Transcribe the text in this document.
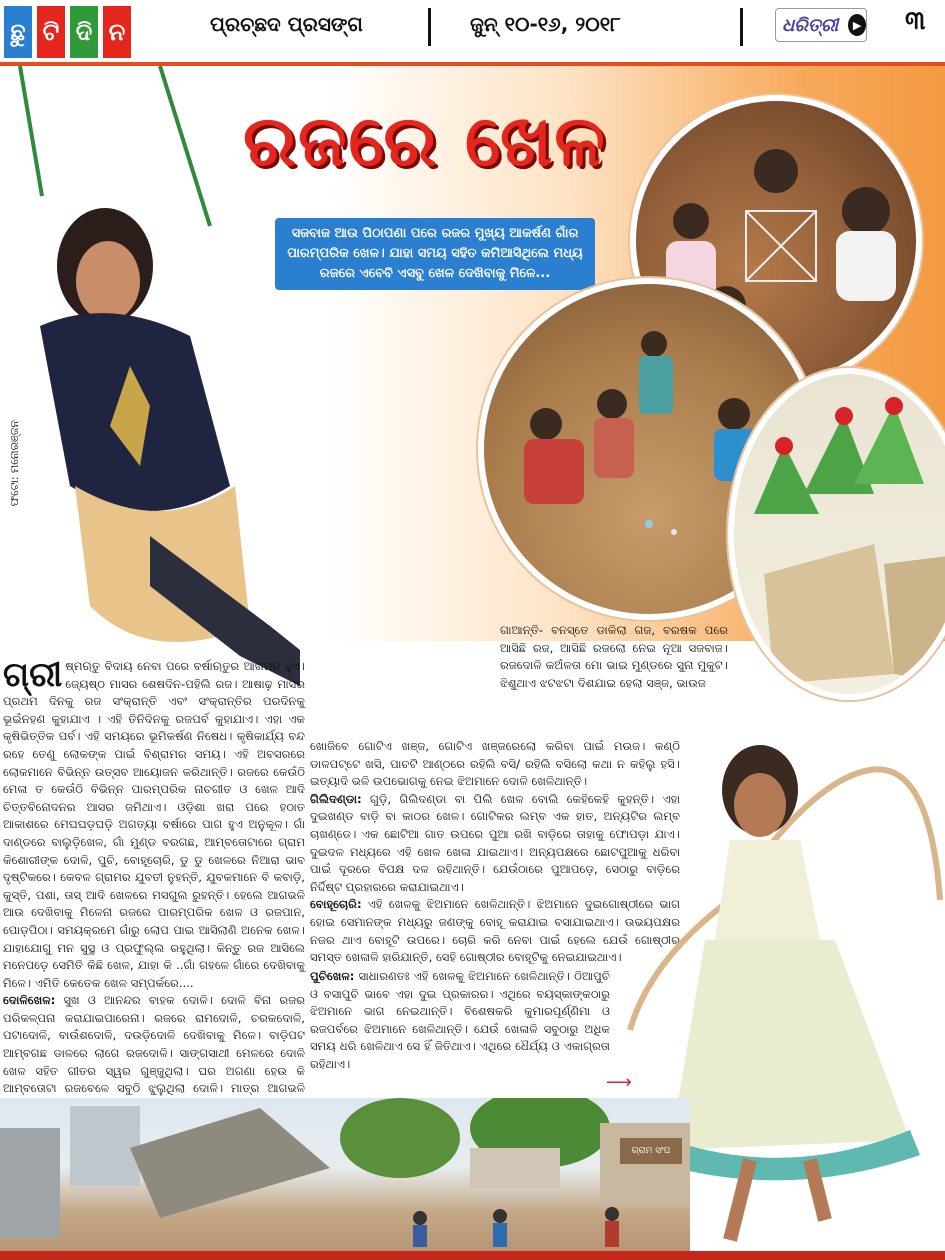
ଛୁ ଟି ଦି ନ	ପ୍ରଚ୍ଛଦ ପ୍ରସଙ୍ଗ	ଜୁନ୍ ୧୦-୧୬, ୨୦୧୮	ଧରିତ୍ରୀ	▶ ୩
ରଜରେ ଖେଳ
ସଜବାଜ ଆଉ ପିଠାପଣା ପରେ ରଜର ମୁଖ୍ୟ ଆକର୍ଷଣ ଗାଁର ପାରମ୍ପରିକ ଖେଳ। ଯାହା ସମୟ ସହିତ କମିଆସିଥିଲେ ମଧ୍ୟ ରଜରେ ଏବେବି ଏସବୁ ଖେଳ ଦେଖିବାକୁ ମିଳେ...
ଫଟୋ: ମନୋରଞ୍ଜନ

ଗ୍ରୀ ଷ୍ମଋତୁ ବିଦାୟ ନେବା ପରେ ବର୍ଷାଋତୁର ଆଗମନ ହୁଏ। ଜ୍ୟେଷ୍ଠ ମାସର ଶେଷଦିନ-ପହିଲି ରଜ। ଆଷାଢ଼ ମାସର ପ୍ରଥମ ଦିନକୁ ରଜ ସଂକ୍ରାନ୍ତି ଏବଂ ସଂକ୍ରାନ୍ତିର ପରଦିନକୁ ଭୂଇଁନହଣ କୁହାଯାଏ । ଏହି ତିନିଦିନକୁ ରଜପର୍ବ କୁହାଯାଏ। ଏହା ଏକ କୃଷିଭିତ୍ତିକ ପର୍ବ। ଏହି ସମୟରେ ଭୂମିକର୍ଷଣ ନିଷେଧ। କୃଷିକାର୍ଯ୍ୟ ବନ୍ଦ ରହେ ତେଣୁ ଲୋକଙ୍କ ପାଇଁ ବିଶ୍ରାମର ସମୟ। ଏହି ଅବସରରେ ଲୋକମାନେ ବିଭିନ୍ନ ଉତ୍ସବ ଆୟୋଜନ କରିଥାନ୍ତି। ରଜରେ କେଉଁଠି ମେଳା ତ କେଉଁଠି ବିଭିନ୍ନ ପାରମ୍ପରିକ ନାଚଗୀତ ଓ ଖେଳ ଆଦି ଚିତ୍ତବିନୋଦନର ଆସର ଜମିଥାଏ। ଓଡ଼ିଶା ଖରା ପରେ ହଠାତ ଆକାଶରେ ମେଘଘଡ଼ଘଡ଼ି ଅଗତ୍ୟା ବର୍ଷାରେ ପାଗ ହୁଏ ଅନୁକୂଳ। ଗାଁ ଦାଣ୍ଡରେ ବାଲୁଡ଼ିଖେଳ, ଗାଁ ମୁଣ୍ଡ ବରଗଛ, ଆମ୍ବତୋଟାରେ ଗ୍ରାମ କିଶୋରୀଙ୍କ ଦୋଳି, ପୁଚି, ବୋହୂଚୋରି, ଡୁ ଡୁ ଖେଳରେ ନିଆରା ଭାବ ଦୃଷ୍ଟିକରେ। କେବଳ ଗ୍ରାମର ଯୁବତୀ ନୁହନ୍ତି, ଯୁବକମାନେ ବି କବାଡ଼ି, କୁସ୍ତି, ପଶା, ତାସ୍ ଆଦି ଖେଳରେ ମସଗୁଲ ରୁହନ୍ତି। ହେଲେ ଆଗଭଳି ଆଉ ଦେଖିବାକୁ ମିଳେନା ରଜରେ ପାରମ୍ପରିକ ଖେଳ ଓ ରଜପାନ, ପୋଡ଼ପିଠା। ସମୟକ୍ରମେ ଗାଁରୁ ଲୋପ ପାଇ ଆସିଲାଣି ଅନେକ ଖେଳ। ଯାହାଯୋଗୁ ମନ ସୁସ୍ଥ ଓ ପ୍ରଫୁଲ୍ଲ ରହୁଥିଲା। କିନ୍ତୁ ରଜ ଆସିଲେ ମନେପଡ଼େ ସେମିତି କିଛି ଖେଳ, ଯାହା କି ..ଗାଁ ଗହଳେ ଗାଁରେ ଦେଖିବାକୁ ମିଳେ। ଏମିତି କେତେକ ଖେଳ ସମ୍ପର୍କରେ....

ଦୋଳିଖେଳ: ସୁଖ ଓ ଆନନ୍ଦର ବାହକ ଦୋଳି। ଦୋଳି ବିନା ରଜର ପରିକଳ୍ପନା କରାଯାଇପାରେନା। ରଜରେ ରାମଦୋଳି, ଚରକଦୋଳି, ପଟାଦୋଳି, ବାଉଁଶଦୋଳି, ଦଉଡ଼ିଦୋଳି ଦେଖିବାକୁ ମିଳେ। ବାଡ଼ିପଟ ଆମ୍ବଗଛ ଡାଳରେ ଲାଗେ ରଜଦୋଳି। ସାଙ୍ଗସାଥୀ ମେଳରେ ଦୋଳି ଖେଳ ସହିତ ଗୀତର ସ୍ୱର ଗୁଞ୍ଜୁଥିଲା। ଘର ଅଗଣା ହେଉ କି ଆମ୍ବତୋଟା ରଜବେଳେ ସବୁଠି ଝୁଲୁଥିଲା ଦୋଳି। ମାତ୍ର ଆଗଭଳି

ଗାଆନ୍ତି- ବନସ୍ତେ ଡାକିଲା ଗଜ, ବରଷକ ପରେ ଆସିଛି ରଜ, ଆସିଛି ରଜଲୋ ନେଇ ନୂଆ ସଜବାଜ। ରଜଦୋଳି କଅଁଳତା ମୋ ଭାଇ ମୁଣ୍ଡରେ ସୁନା ମୁକୁଟ। ଝିଶୁଥାଏ ଝଟଝଟା ଦିଶଯାଇ ହେଲା ସଞ୍ଜ, ଭାଉଜ

ଖୋଜିବେ ଗୋଟିଏ ଖଞ୍ଜ, ଗୋଟିଏ ଖଞ୍ଜରେଲୋ କରିବା ପାଇଁ ମଉଜ। କଣ୍ଠି ଡାଳପଟ୍ଟେ ଖସି, ପାଚଟି ଆଣ୍ଠରେ ରହିଲି ବସି/ ରହିଲି ବସିଲୋ କଥା ନ କହିଲୁ ହସି। ଇତ୍ୟାଦି ଭଳି ଉପଭୋଗକୁ ନେଇ ଝିଅମାନେ ଦୋଳି ଖେଳିଥାନ୍ତି।

ଗିଲିଦଣ୍ଡା: ଗୁଡ଼ି, ଗିଲିଦଣ୍ଡା ବା ପିଲି ଖେଳ ବୋଲି କେହିକେହି କୁହନ୍ତି। ଏହା ଦୁଇଖଣ୍ଡ ବାଡ଼ି ବା କାଠର ଖେଳ। ଗୋଟିକର ଲମ୍ବ ଏକ ହାତ, ଅନ୍ୟଟିର ଲମ୍ବ ଚାଖଣ୍ଡେ। ଏକ ଛୋଟିଆ ଗାତ ଉପରେ ପୁଆ ରଖି ବାଡ଼ିରେ ତାହାକୁ ଫୋପଡ଼ା ଯାଏ। ଦୁଇଦଳ ମଧ୍ୟରେ ଏହି ଖେଳ ଖେଳା ଯାଇଥାଏ। ଅନ୍ୟପକ୍ଷରେ ଛୋଟପୁଆକୁ ଧରିବା ପାଇଁ ଦୂରରେ ବିପକ୍ଷ ଦଳ ରହିଥାନ୍ତି। ଯେଉଁଠାରେ ପୁଆପଡ଼େ, ସେଠାରୁ ବାଡ଼ିରେ ନିର୍ଦ୍ଦିଷ୍ଟ ପ୍ରହାରରେ କରାଯାଇଥାଏ।

ବୋହୂଚୋରି: ଏହି ଖେଳକୁ ଝିଅମାନେ ଖେଳିଥାନ୍ତି। ଝିଅମାନେ ଦୁଇଗୋଷ୍ଠୀରେ ଭାଗ ହୋଇ ସେମାନଙ୍କ ମଧ୍ୟରୁ ଜଣଙ୍କୁ ବୋହୂ କରାଯାଇ ବସାଯାଇଥାଏ। ଉଭୟପକ୍ଷର ନଜର ଥାଏ ବୋହୂଟି ଉପରେ। ଚୋରି କରି ନେବା ପାଇଁ ହେଲେ ଯେଉଁ ଗୋଷ୍ଠୀର ସମସ୍ତ ଖେଳାଳି ହାରିଯାନ୍ତି, ସେହି ଗୋଷ୍ଠୀର ବୋହୂଟିକୁ ନେଇଯାଇଥାଏ।

ପୁଚିଖେଳ: ସାଧାରଣତଃ ଏହି ଖେଳକୁ ଝିଅମାନେ ଖେଳିଥାନ୍ତି। ଠିଆପୁଚି ଓ ବସାପୁଚି ଭାବେ ଏହା ଦୁଇ ପ୍ରକାରର। ଏଥିରେ ବୟସ୍କାଙ୍କଠାରୁ ଝିଅମାନେ ଭାଗ ନେଇଥାନ୍ତି। ବିଶେଷକରି କୁମାରପୂର୍ଣ୍ଣିମା ଓ ରଜପର୍ବରେ ଝିଅମାନେ ଖେଳିଥାନ୍ତି। ଯେଉଁ ଖେଳାଳି ସବୁଠାରୁ ଅଧିକ ସମୟ ଧରି ଖେଳିଥାଏ ସେ ହିଁ ଜିତିଥାଏ। ଏଥିରେ ଧୈର୍ଯ୍ୟ ଓ ଏକାଗ୍ରତା ରହିଥାଏ।

⟶
ଗ୍ରାମ ସଂଘ
